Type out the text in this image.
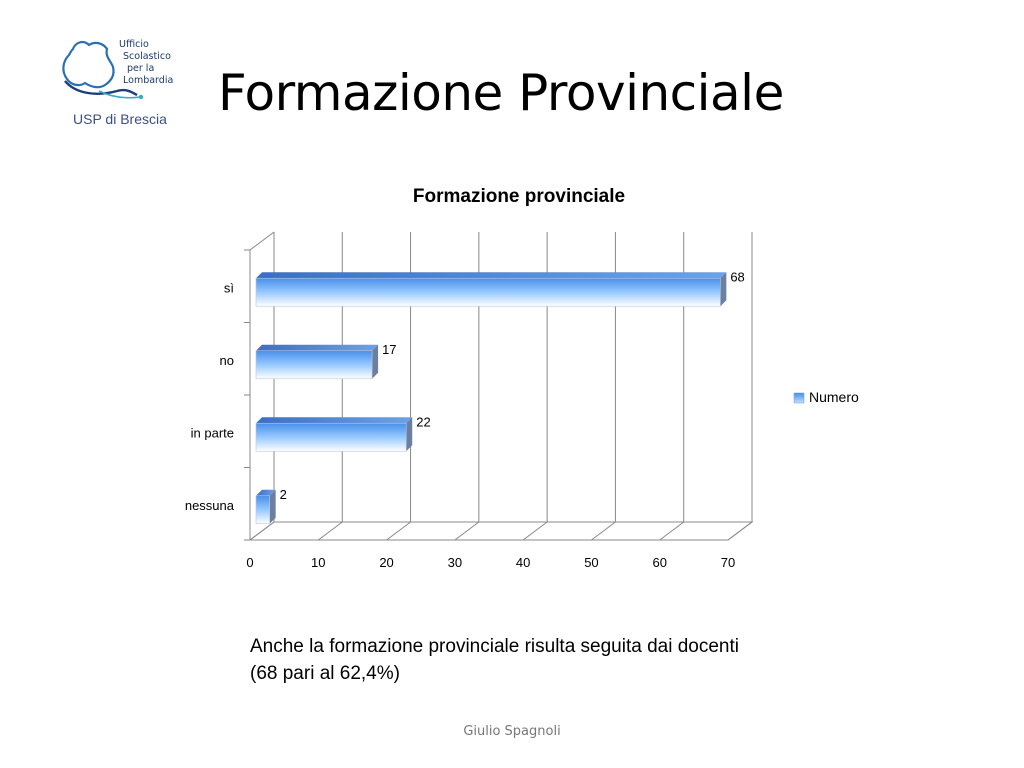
Ufficio
Scolastico
per la
Lombardia
USP di Brescia Formazione Provinciale
Formazione provinciale
0	10	20	30	40	50	60	70
68
sì
17
no
22
in parte
2
nessuna
Numero

Anche la formazione provinciale risulta seguita dai docenti
(68 pari al 62,4%)

Giulio Spagnoli
